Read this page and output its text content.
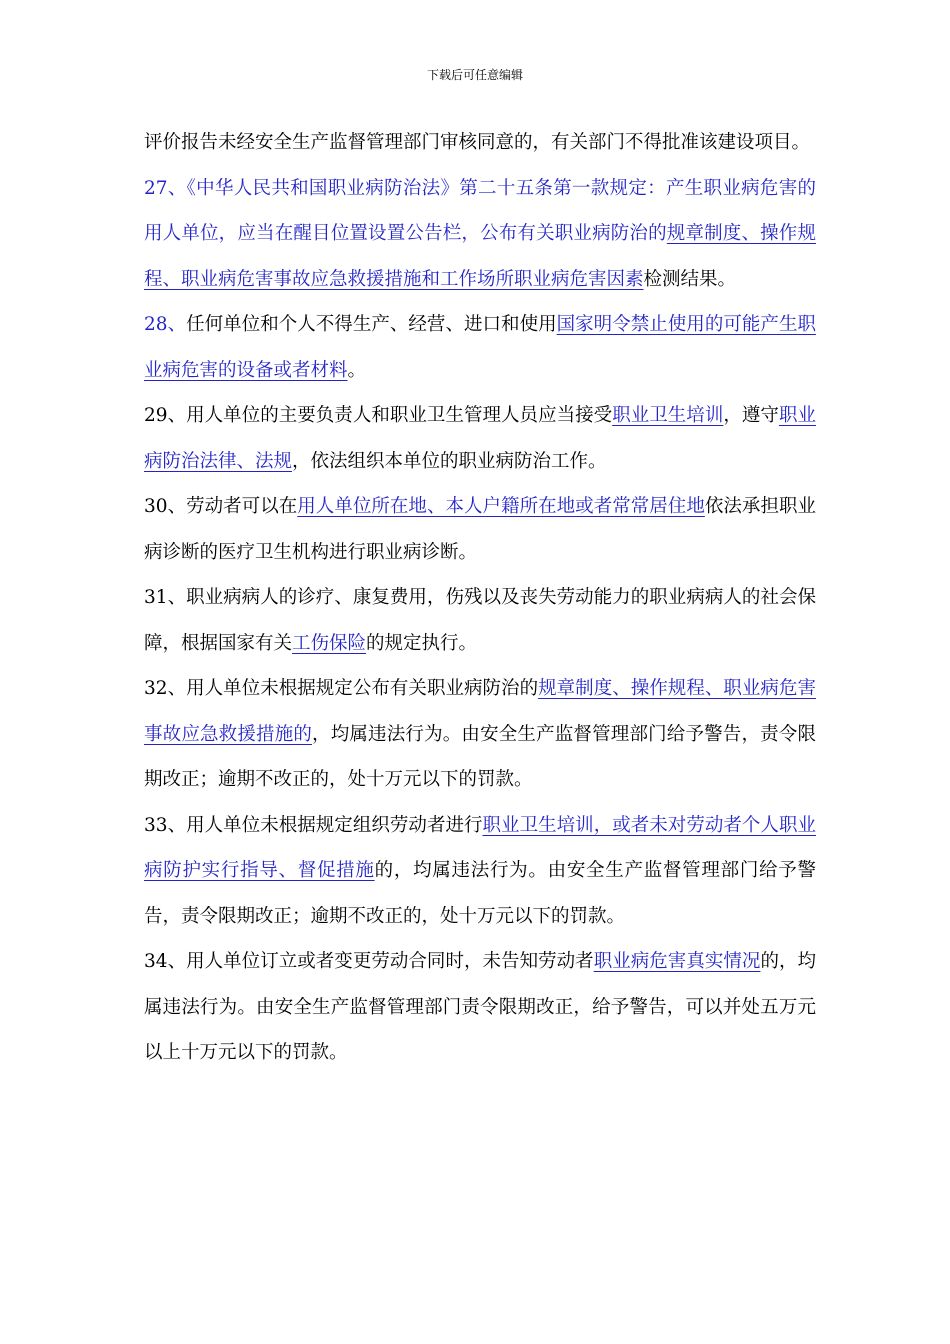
下载后可任意编辑

评价报告未经安全生产监督管理部门审核同意的，有关部门不得批准该建设项目。

27、《中华人民共和国职业病防治法》第二十五条第一款规定：产生职业病危害的用人单位，应当在醒目位置设置公告栏，公布有关职业病防治的规章制度、操作规程、职业病危害事故应急救援措施和工作场所职业病危害因素检测结果。

28、任何单位和个人不得生产、经营、进口和使用国家明令禁止使用的可能产生职业病危害的设备或者材料。

29、用人单位的主要负责人和职业卫生管理人员应当接受职业卫生培训，遵守职业病防治法律、法规，依法组织本单位的职业病防治工作。

30、劳动者可以在用人单位所在地、本人户籍所在地或者常常居住地依法承担职业病诊断的医疗卫生机构进行职业病诊断。

31、职业病病人的诊疗、康复费用，伤残以及丧失劳动能力的职业病病人的社会保障，根据国家有关工伤保险的规定执行。

32、用人单位未根据规定公布有关职业病防治的规章制度、操作规程、职业病危害事故应急救援措施的，均属违法行为。由安全生产监督管理部门给予警告，责令限期改正；逾期不改正的，处十万元以下的罚款。

33、用人单位未根据规定组织劳动者进行职业卫生培训，或者未对劳动者个人职业病防护实行指导、督促措施的，均属违法行为。由安全生产监督管理部门给予警告，责令限期改正；逾期不改正的，处十万元以下的罚款。

34、用人单位订立或者变更劳动合同时，未告知劳动者职业病危害真实情况的，均属违法行为。由安全生产监督管理部门责令限期改正，给予警告，可以并处五万元以上十万元以下的罚款。
